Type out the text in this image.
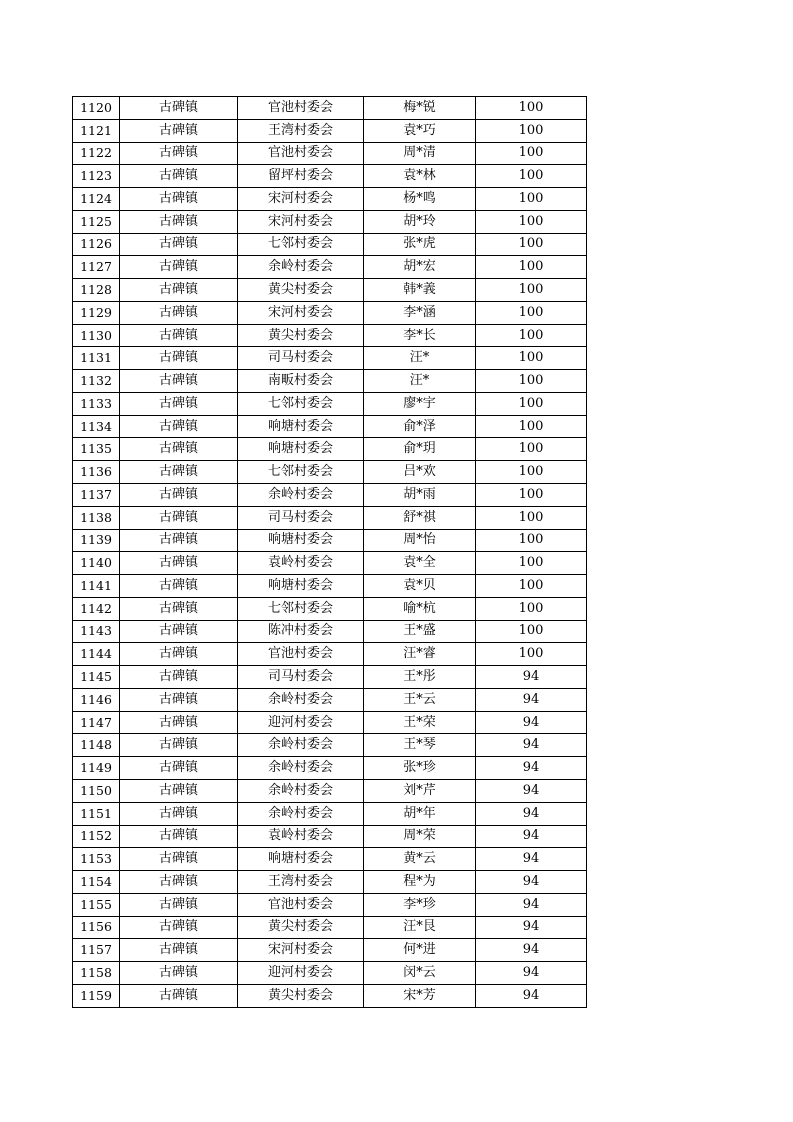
1120	古碑镇	官池村委会	梅*锐	100
1121	古碑镇	王湾村委会	袁*巧	100
1122	古碑镇	官池村委会	周*清	100
1123	古碑镇	留坪村委会	袁*林	100
1124	古碑镇	宋河村委会	杨*鸣	100
1125	古碑镇	宋河村委会	胡*玲	100
1126	古碑镇	七邻村委会	张*虎	100
1127	古碑镇	余岭村委会	胡*宏	100
1128	古碑镇	黄尖村委会	韩*義	100
1129	古碑镇	宋河村委会	李*涵	100
1130	古碑镇	黄尖村委会	李*长	100
1131	古碑镇	司马村委会	汪*	100
1132	古碑镇	南畈村委会	汪*	100
1133	古碑镇	七邻村委会	廖*宇	100
1134	古碑镇	响塘村委会	俞*泽	100
1135	古碑镇	响塘村委会	俞*玥	100
1136	古碑镇	七邻村委会	吕*欢	100
1137	古碑镇	余岭村委会	胡*雨	100
1138	古碑镇	司马村委会	舒*祺	100
1139	古碑镇	响塘村委会	周*怡	100
1140	古碑镇	袁岭村委会	袁*全	100
1141	古碑镇	响塘村委会	袁*贝	100
1142	古碑镇	七邻村委会	喻*杭	100
1143	古碑镇	陈冲村委会	王*盛	100
1144	古碑镇	官池村委会	汪*睿	100
1145	古碑镇	司马村委会	王*彤	94
1146	古碑镇	余岭村委会	王*云	94
1147	古碑镇	迎河村委会	王*荣	94
1148	古碑镇	余岭村委会	王*琴	94
1149	古碑镇	余岭村委会	张*珍	94
1150	古碑镇	余岭村委会	刘*芹	94
1151	古碑镇	余岭村委会	胡*年	94
1152	古碑镇	袁岭村委会	周*荣	94
1153	古碑镇	响塘村委会	黄*云	94
1154	古碑镇	王湾村委会	程*为	94
1155	古碑镇	官池村委会	李*珍	94
1156	古碑镇	黄尖村委会	汪*艮	94
1157	古碑镇	宋河村委会	何*进	94
1158	古碑镇	迎河村委会	闵*云	94
1159	古碑镇	黄尖村委会	宋*芳	94
